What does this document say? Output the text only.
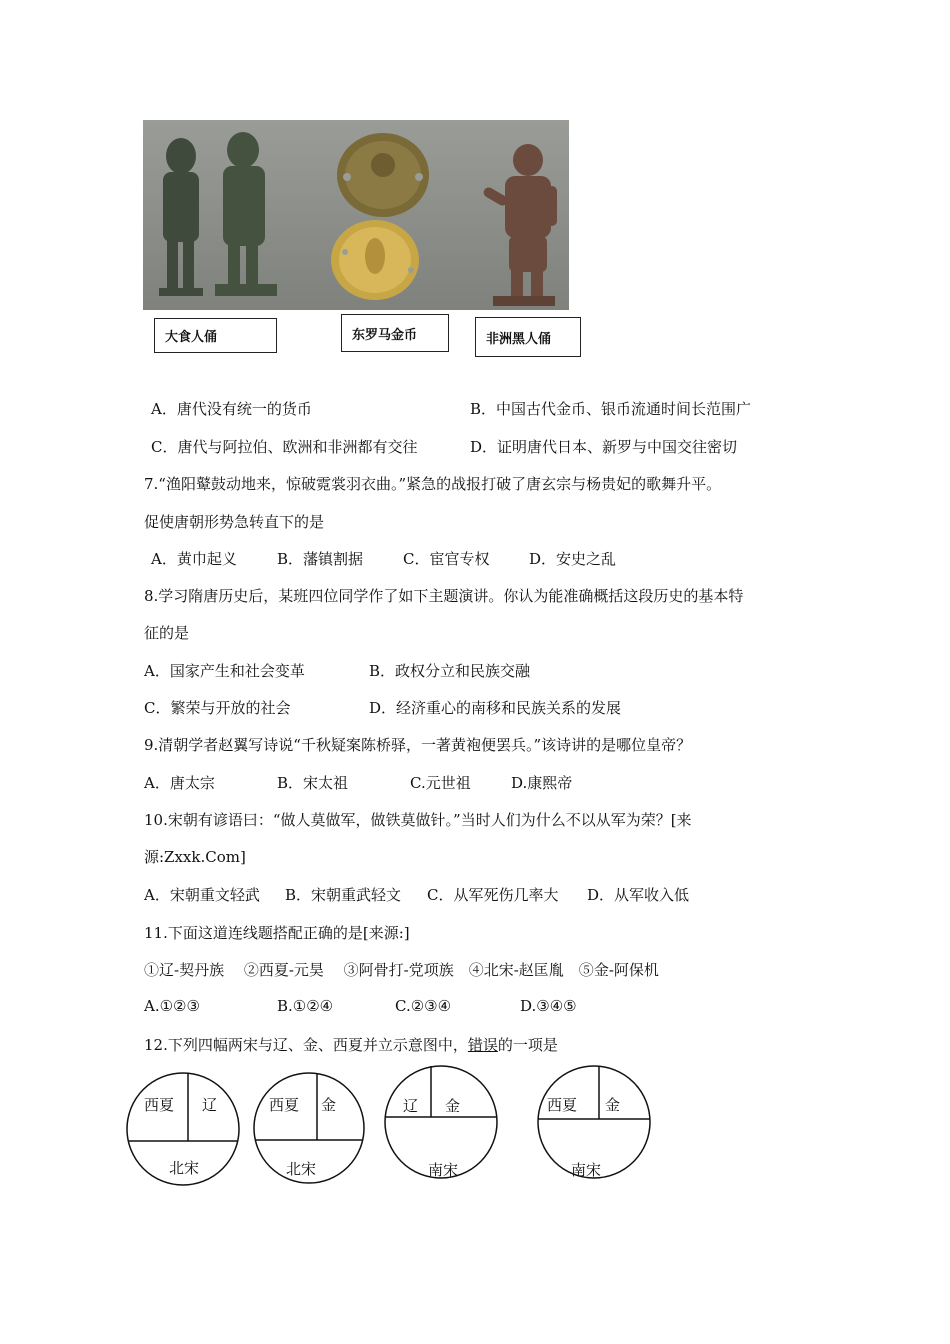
大食人俑	东罗马金币	非洲黑人俑
A．唐代没有统一的货币	B．中国古代金币、银币流通时间长范围广
C．唐代与阿拉伯、欧洲和非洲都有交往	D．证明唐代日本、新罗与中国交往密切
7.“渔阳鼙鼓动地来，惊破霓裳羽衣曲。”紧急的战报打破了唐玄宗与杨贵妃的歌舞升平。
促使唐朝形势急转直下的是
A．黄巾起义	B．藩镇割据	C．宦官专权	D．安史之乱
8.学习隋唐历史后，某班四位同学作了如下主题演讲。你认为能准确概括这段历史的基本特
征的是
A．国家产生和社会变革	B．政权分立和民族交融
C．繁荣与开放的社会	D．经济重心的南移和民族关系的发展
9.清朝学者赵翼写诗说“千秋疑案陈桥驿，一著黄袍便罢兵。”该诗讲的是哪位皇帝？
A．唐太宗	B．宋太祖	C.元世祖	D.康熙帝
10.宋朝有谚语曰：“做人莫做军，做铁莫做针。”当时人们为什么不以从军为荣？[来
源:Zxxk.Com]
A．宋朝重文轻武 B．宋朝重武轻文 C．从军死伤几率大 D．从军收入低
11.下面这道连线题搭配正确的是[来源:]
①辽-契丹族　 ②西夏-元昊　 ③阿骨打-党项族　④北宋-赵匡胤　⑤金-阿保机
A.①②③	B.①②④	C.②③④	D.③④⑤
12.下列四幅两宋与辽、金、西夏并立示意图中，错误的一项是
西夏 辽
北宋
西夏 金
北宋
辽 金
南宋
西夏 金
南宋
